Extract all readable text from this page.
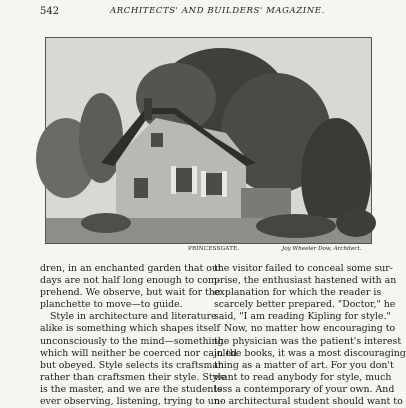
542	ARCHITECTS' AND BUILDERS' MAGAZINE.
PRINCESSGATE.	Joy Wheeler Dow, Architect.
dren, in an enchanted garden that our
days are not half long enough to com-
prehend. We observe, but wait for the
planchette to move—to guide.
Style in architecture and literature
alike is something which shapes itself
unconsciously to the mind—something
which will neither be coerced nor cajoled
but obeyed. Style selects its craftsman
rather than craftsmen their style. Style
is the master, and we are the students
ever observing, listening, trying to un-
the visitor failed to conceal some sur-
prise, the enthusiast hastened with an
explanation for which the reader is
scarcely better prepared. "Doctor," he
said, "I am reading Kipling for style."
Now, no matter how encouraging to
the physician was the patient's interest
in the books, it was a most discouraging
thing as a matter of art. For you don't
want to read anybody for style, much
less a contemporary of your own. And
no architectural student should want to
